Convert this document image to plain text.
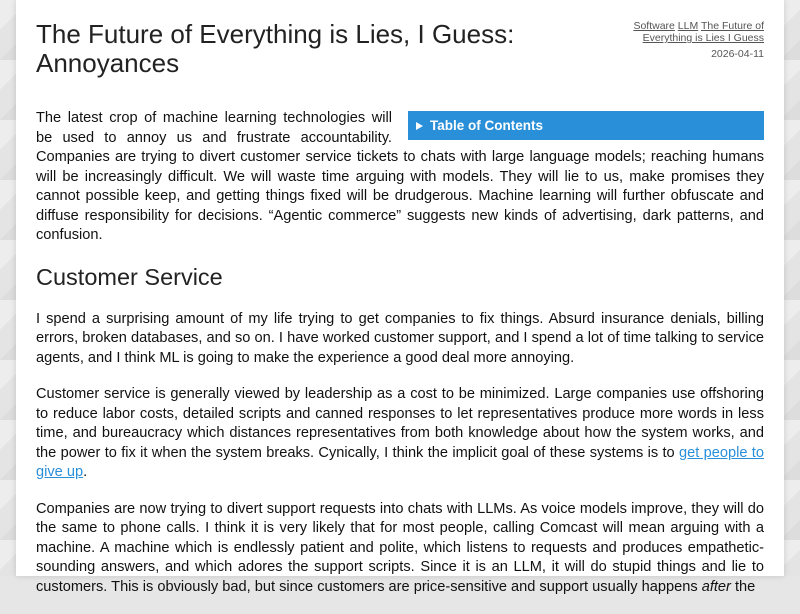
The Future of Everything is Lies, I Guess: Annoyances
Software LLM The Future of Everything is Lies I Guess
2026-04-11
Table of Contents

The latest crop of machine learning technologies will be used to annoy us and frustrate accountability. Companies are trying to divert customer service tickets to chats with large language models; reaching humans will be increasingly difficult. We will waste time arguing with models. They will lie to us, make promises they cannot possible keep, and getting things fixed will be drudgerous. Machine learning will further obfuscate and diffuse responsibility for decisions. “Agentic commerce” suggests new kinds of advertising, dark patterns, and confusion.

Customer Service

I spend a surprising amount of my life trying to get companies to fix things. Absurd insurance denials, billing errors, broken databases, and so on. I have worked customer support, and I spend a lot of time talking to service agents, and I think ML is going to make the experience a good deal more annoying.

Customer service is generally viewed by leadership as a cost to be minimized. Large companies use offshoring to reduce labor costs, detailed scripts and canned responses to let representatives produce more words in less time, and bureaucracy which distances representatives from both knowledge about how the system works, and the power to fix it when the system breaks. Cynically, I think the implicit goal of these systems is to get people to give up.

Companies are now trying to divert support requests into chats with LLMs. As voice models improve, they will do the same to phone calls. I think it is very likely that for most people, calling Comcast will mean arguing with a machine. A machine which is endlessly patient and polite, which listens to requests and produces empathetic-sounding answers, and which adores the support scripts. Since it is an LLM, it will do stupid things and lie to customers. This is obviously bad, but since customers are price-sensitive and support usually happens after the
